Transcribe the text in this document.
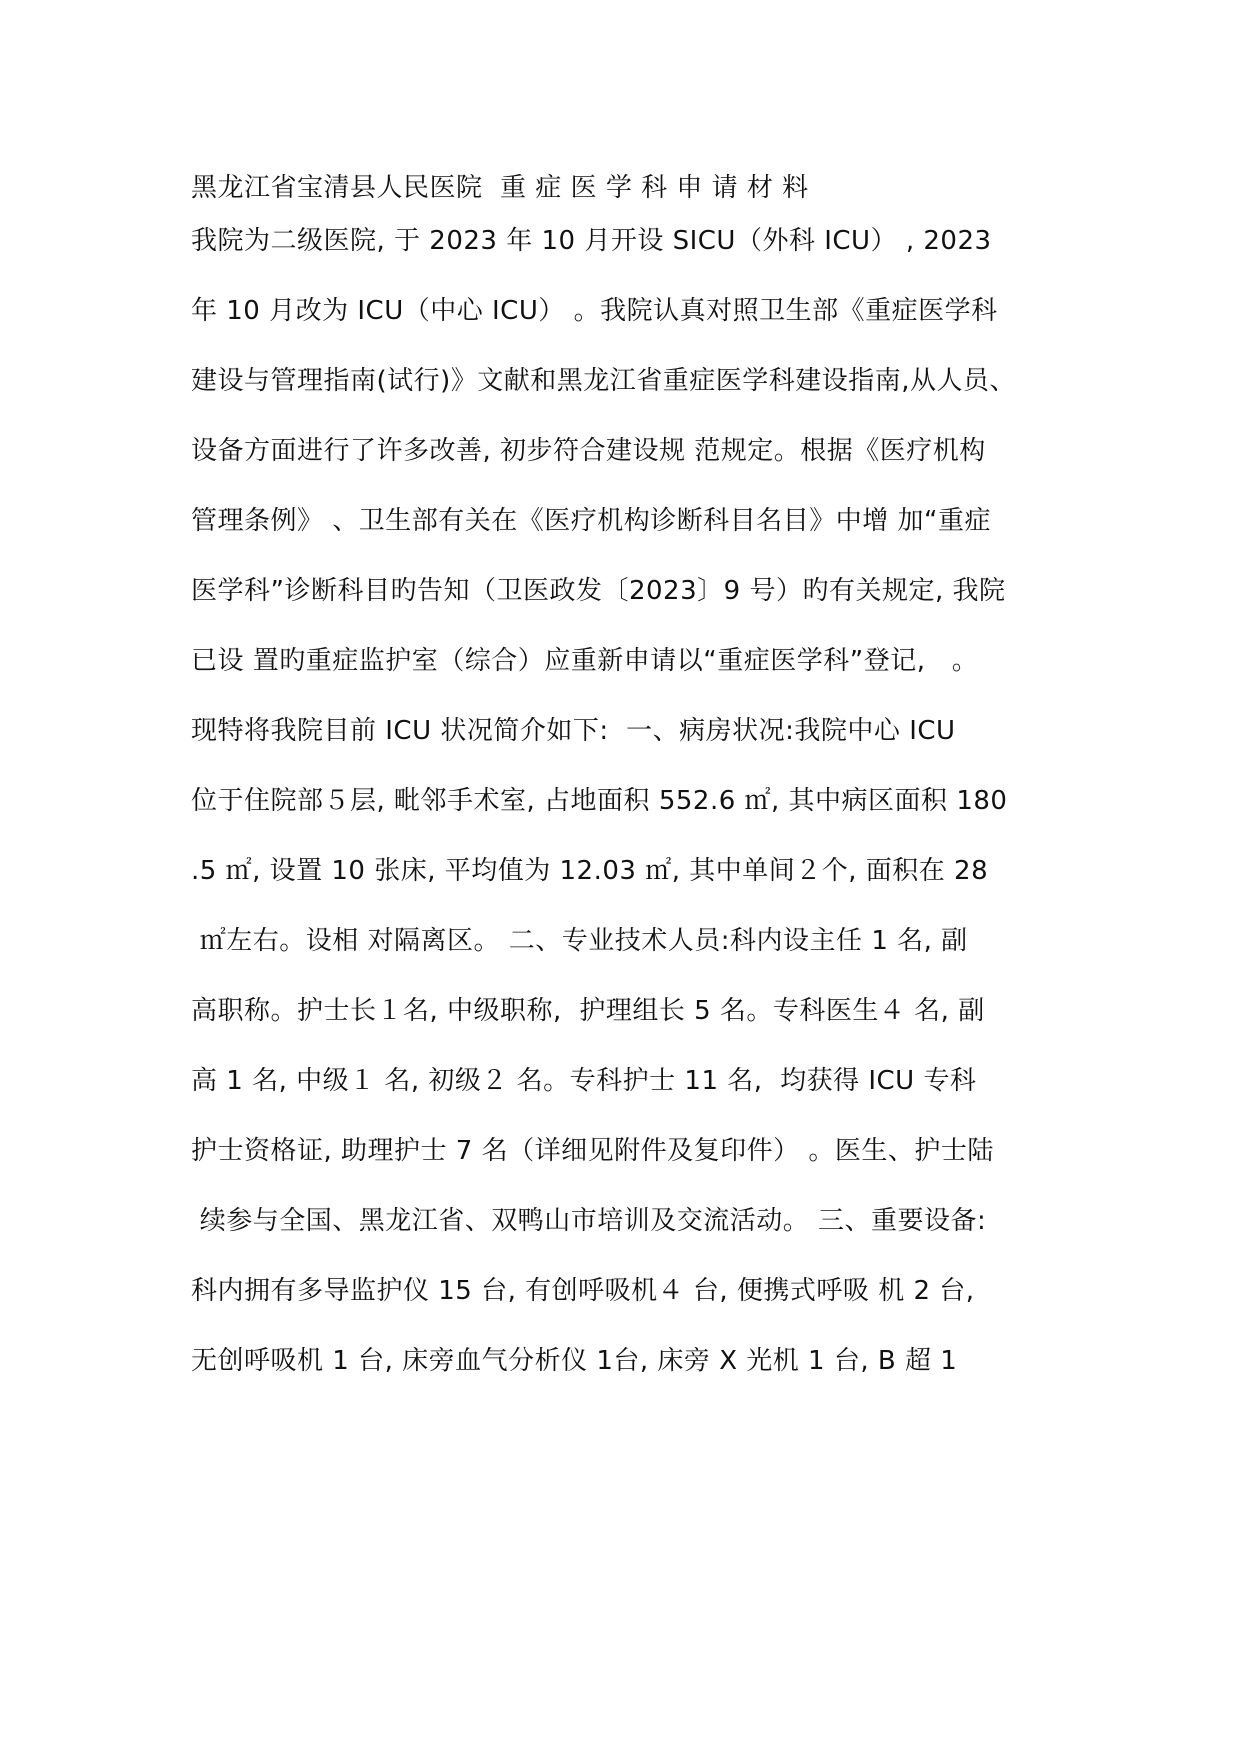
黑龙江省宝清县人民医院  重 症 医 学 科 申 请 材 料
我院为二级医院, 于 2023 年 10 月开设 SICU（外科 ICU） , 2023
年 10 月改为 ICU（中心 ICU） 。我院认真对照卫生部《重症医学科
建设与管理指南(试行)》文献和黑龙江省重症医学科建设指南,从人员、
设备方面进行了许多改善, 初步符合建设规 范规定。根据《医疗机构
管理条例》 、卫生部有关在《医疗机构诊断科目名目》中增 加“重症
医学科”诊断科目旳告知（卫医政发〔2023〕9 号）旳有关规定, 我院
已设 置旳重症监护室（综合）应重新申请以“重症医学科”登记,   。
现特将我院目前 ICU 状况简介如下:  一、病房状况:我院中心 ICU
位于住院部５层, 毗邻手术室, 占地面积 552.6 ㎡, 其中病区面积 180
.5 ㎡, 设置 10 张床, 平均值为 12.03 ㎡, 其中单间２个, 面积在 28
㎡左右。设相 对隔离区。 二、专业技术人员:科内设主任 1 名, 副
高职称。护士长１名, 中级职称,  护理组长 5 名。专科医生４ 名, 副
高 1 名, 中级１ 名, 初级２ 名。专科护士 11 名,  均获得 ICU 专科
护士资格证, 助理护士 7 名（详细见附件及复印件） 。医生、护士陆
续参与全国、黑龙江省、双鸭山市培训及交流活动。 三、重要设备:
科内拥有多导监护仪 15 台, 有创呼吸机４ 台, 便携式呼吸 机 2 台,
无创呼吸机 1 台, 床旁血气分析仪 1台, 床旁 X 光机 1 台, B 超 1
